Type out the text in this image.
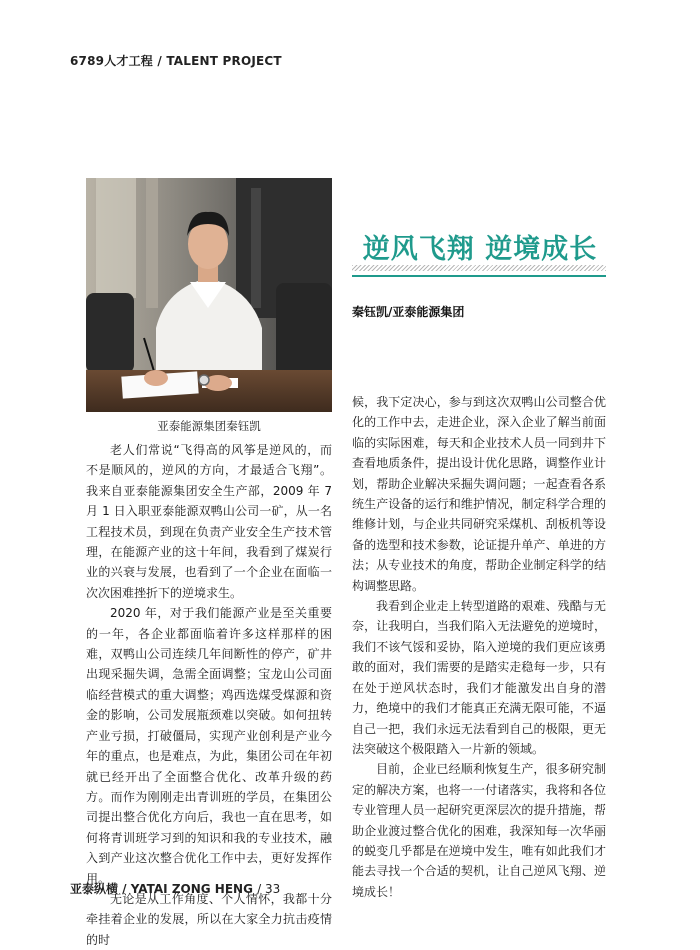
6789人才工程 / TALENT PROJECT
亚泰能源集团秦钰凯
逆风飞翔 逆境成长
秦钰凯/亚泰能源集团

老人们常说“飞得高的风筝是逆风的，而不是顺风的，逆风的方向，才最适合飞翔”。我来自亚泰能源集团安全生产部，2009 年 7 月 1 日入职亚泰能源双鸭山公司一矿，从一名工程技术员，到现在负责产业安全生产技术管理，在能源产业的这十年间，我看到了煤炭行业的兴衰与发展，也看到了一个企业在面临一次次困难挫折下的逆境求生。

2020 年，对于我们能源产业是至关重要的一年，各企业都面临着许多这样那样的困难，双鸭山公司连续几年间断性的停产，矿井出现采掘失调，急需全面调整；宝龙山公司面临经营模式的重大调整；鸡西选煤受煤源和资金的影响，公司发展瓶颈难以突破。如何扭转产业亏损，打破僵局，实现产业创利是产业今年的重点，也是难点，为此，集团公司在年初就已经开出了全面整合优化、改革升级的药方。而作为刚刚走出青训班的学员，在集团公司提出整合优化方向后，我也一直在思考，如何将青训班学习到的知识和我的专业技术，融入到产业这次整合优化工作中去，更好发挥作用。

无论是从工作角度、个人情怀，我都十分牵挂着企业的发展，所以在大家全力抗击疫情的时

候，我下定决心，参与到这次双鸭山公司整合优化的工作中去，走进企业，深入企业了解当前面临的实际困难，每天和企业技术人员一同到井下查看地质条件，提出设计优化思路，调整作业计划，帮助企业解决采掘失调问题；一起查看各系统生产设备的运行和维护情况，制定科学合理的维修计划，与企业共同研究采煤机、刮板机等设备的选型和技术参数，论证提升单产、单进的方法；从专业技术的角度，帮助企业制定科学的结构调整思路。

我看到企业走上转型道路的艰难、残酷与无奈，让我明白，当我们陷入无法避免的逆境时，我们不该气馁和妥协，陷入逆境的我们更应该勇敢的面对，我们需要的是踏实走稳每一步，只有在处于逆风状态时，我们才能激发出自身的潜力，绝境中的我们才能真正充满无限可能，不逼自己一把，我们永远无法看到自己的极限，更无法突破这个极限踏入一片新的领域。

目前，企业已经顺利恢复生产，很多研究制定的解决方案，也将一一付诸落实，我将和各位专业管理人员一起研究更深层次的提升措施，帮助企业渡过整合优化的困难，我深知每一次华丽的蜕变几乎都是在逆境中发生，唯有如此我们才能去寻找一个合适的契机，让自己逆风飞翔、逆境成长！

亚泰纵横 / YATAI ZONG HENG / 33
